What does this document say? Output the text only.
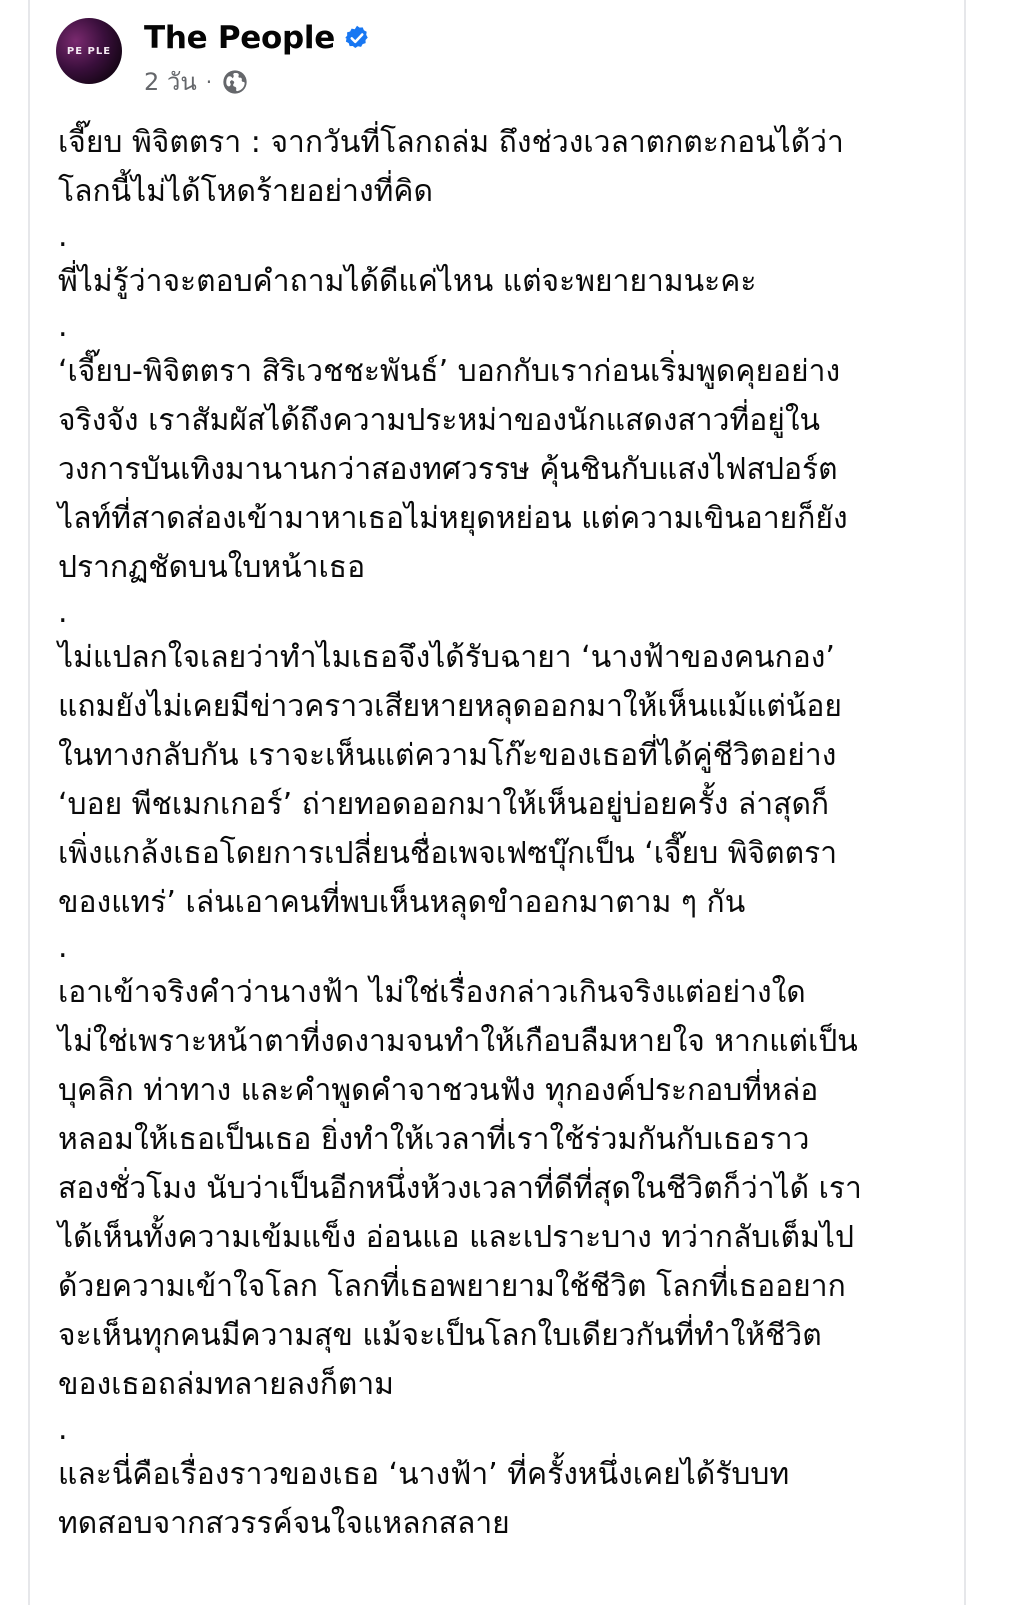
PE PLE The People
2 วัน ·

เจี๊ยบ พิจิตตรา : จากวันที่โลกถล่ม ถึงช่วงเวลาตกตะกอนได้ว่า
โลกนี้ไม่ได้โหดร้ายอย่างที่คิด

.

พี่ไม่รู้ว่าจะตอบคำถามได้ดีแค่ไหน แต่จะพยายามนะคะ

.

‘เจี๊ยบ-พิจิตตรา สิริเวชชะพันธ์’ บอกกับเราก่อนเริ่มพูดคุยอย่าง
จริงจัง เราสัมผัสได้ถึงความประหม่าของนักแสดงสาวที่อยู่ใน
วงการบันเทิงมานานกว่าสองทศวรรษ คุ้นชินกับแสงไฟสปอร์ต
ไลท์ที่สาดส่องเข้ามาหาเธอไม่หยุดหย่อน แต่ความเขินอายก็ยัง
ปรากฏชัดบนใบหน้าเธอ

.

ไม่แปลกใจเลยว่าทำไมเธอจึงได้รับฉายา ‘นางฟ้าของคนกอง’
แถมยังไม่เคยมีข่าวคราวเสียหายหลุดออกมาให้เห็นแม้แต่น้อย
ในทางกลับกัน เราจะเห็นแต่ความโก๊ะของเธอที่ได้คู่ชีวิตอย่าง
‘บอย พีชเมกเกอร์’ ถ่ายทอดออกมาให้เห็นอยู่บ่อยครั้ง ล่าสุดก็
เพิ่งแกล้งเธอโดยการเปลี่ยนชื่อเพจเฟซบุ๊กเป็น ‘เจี๊ยบ พิจิตตรา
ของแทร่’ เล่นเอาคนที่พบเห็นหลุดขำออกมาตาม ๆ กัน

.

เอาเข้าจริงคำว่านางฟ้า ไม่ใช่เรื่องกล่าวเกินจริงแต่อย่างใด
ไม่ใช่เพราะหน้าตาที่งดงามจนทำให้เกือบลืมหายใจ หากแต่เป็น
บุคลิก ท่าทาง และคำพูดคำจาชวนฟัง ทุกองค์ประกอบที่หล่อ
หลอมให้เธอเป็นเธอ ยิ่งทำให้เวลาที่เราใช้ร่วมกันกับเธอราว
สองชั่วโมง นับว่าเป็นอีกหนึ่งห้วงเวลาที่ดีที่สุดในชีวิตก็ว่าได้ เรา
ได้เห็นทั้งความเข้มแข็ง อ่อนแอ และเปราะบาง ทว่ากลับเต็มไป
ด้วยความเข้าใจโลก โลกที่เธอพยายามใช้ชีวิต โลกที่เธออยาก
จะเห็นทุกคนมีความสุข แม้จะเป็นโลกใบเดียวกันที่ทำให้ชีวิต
ของเธอถล่มทลายลงก็ตาม

.

และนี่คือเรื่องราวของเธอ ‘นางฟ้า’ ที่ครั้งหนึ่งเคยได้รับบท
ทดสอบจากสวรรค์จนใจแหลกสลาย
